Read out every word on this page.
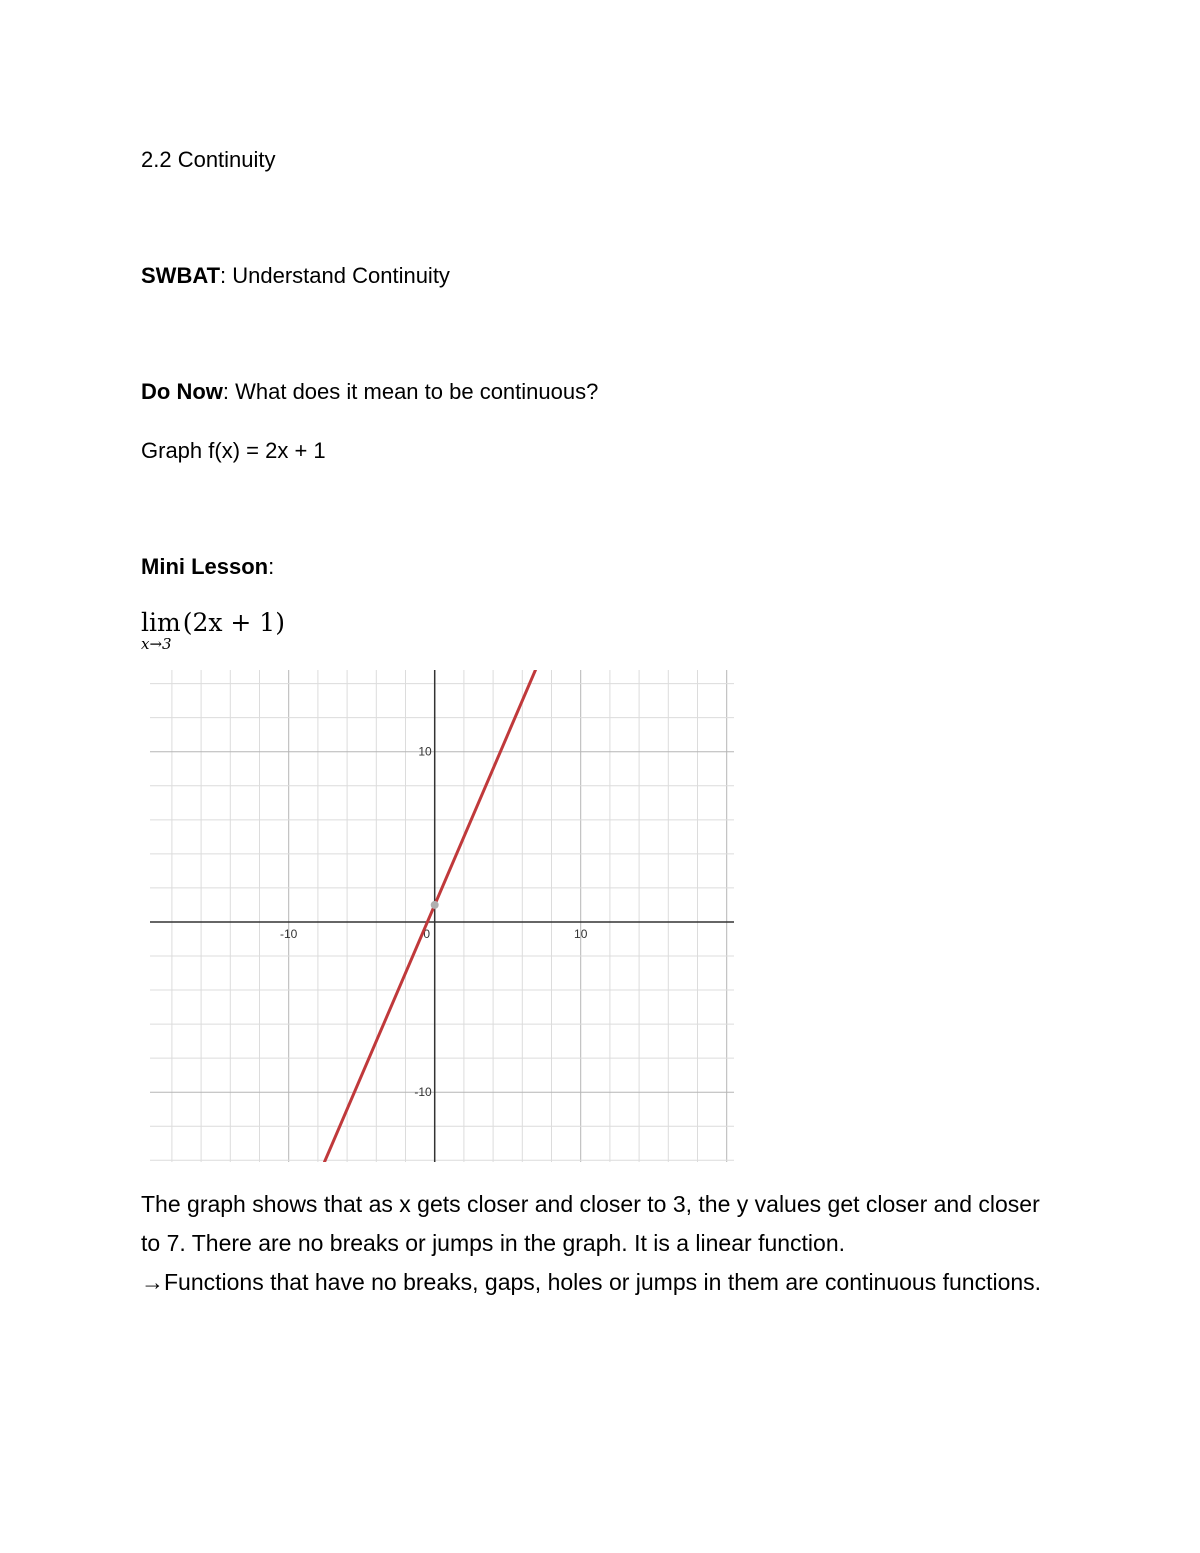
2.2 Continuity
SWBAT: Understand Continuity
Do Now: What does it mean to be continuous?
Graph f(x) = 2x + 1
Mini Lesson:
lim(2x + 1)
x→3
-10	0	10
10
-10

The graph shows that as x gets closer and closer to 3, the y values get closer and closer to 7. There are no breaks or jumps in the graph. It is a linear function.

→Functions that have no breaks, gaps, holes or jumps in them are continuous functions.
